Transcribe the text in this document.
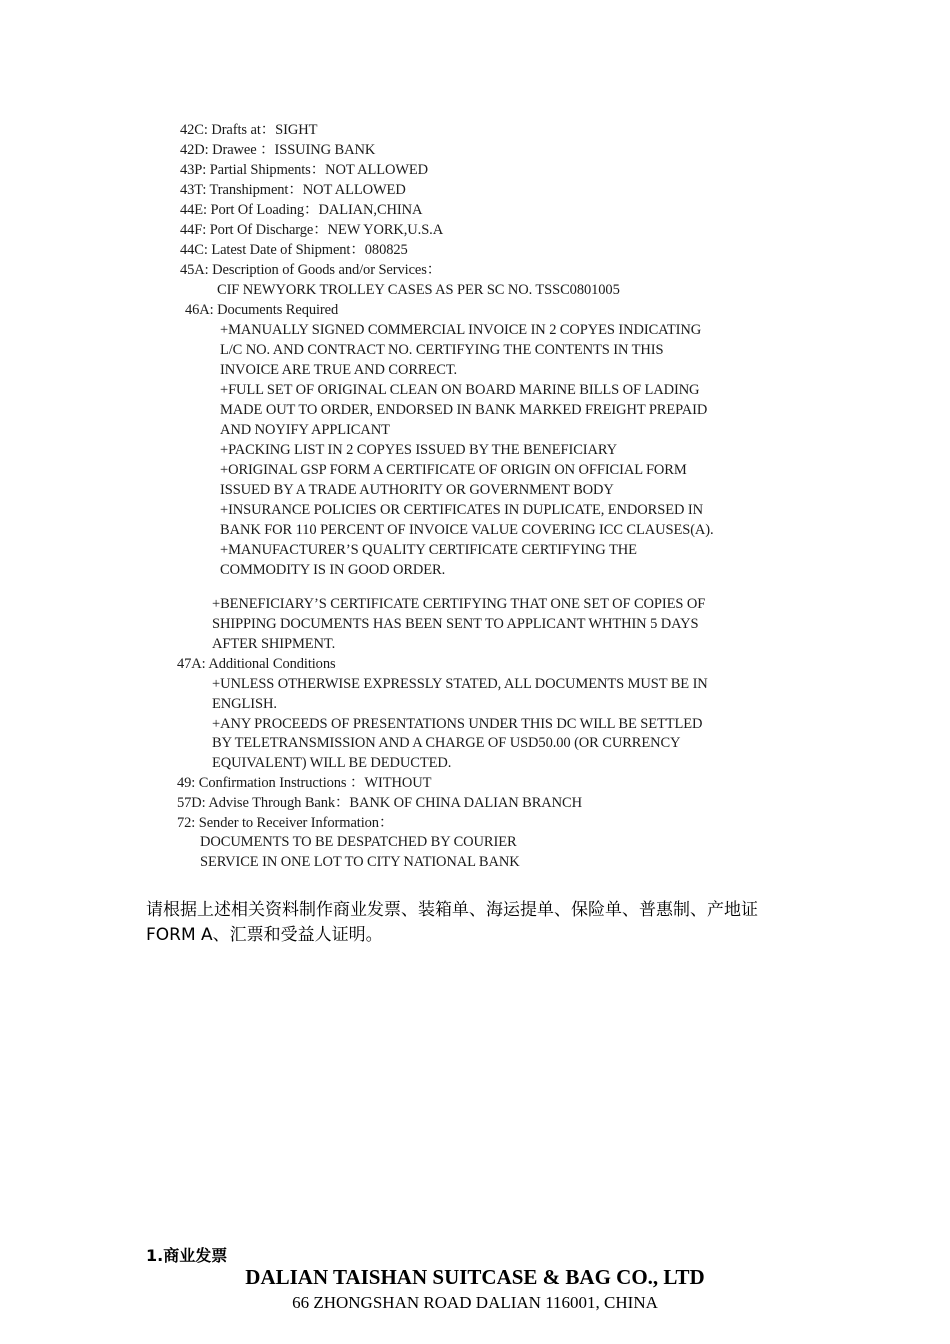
42C: Drafts at：SIGHT
42D: Drawee ：ISSUING BANK
43P: Partial Shipments：NOT ALLOWED
43T: Transhipment：NOT ALLOWED
44E: Port Of Loading：DALIAN,CHINA
44F: Port Of Discharge：NEW YORK,U.S.A
44C: Latest Date of Shipment：080825
45A: Description of Goods and/or Services：
CIF NEWYORK TROLLEY CASES AS PER SC NO. TSSC0801005
46A: Documents Required
+MANUALLY SIGNED COMMERCIAL INVOICE IN 2 COPYES INDICATING
L/C NO. AND CONTRACT NO. CERTIFYING THE CONTENTS IN THIS
INVOICE ARE TRUE AND CORRECT.
+FULL SET OF ORIGINAL CLEAN ON BOARD MARINE BILLS OF LADING
MADE OUT TO ORDER, ENDORSED IN BANK MARKED FREIGHT PREPAID
AND NOYIFY APPLICANT
+PACKING LIST IN 2 COPYES ISSUED BY THE BENEFICIARY
+ORIGINAL GSP FORM A CERTIFICATE OF ORIGIN ON OFFICIAL FORM
ISSUED BY A TRADE AUTHORITY OR GOVERNMENT BODY
+INSURANCE POLICIES OR CERTIFICATES IN DUPLICATE, ENDORSED IN
BANK FOR 110 PERCENT OF INVOICE VALUE COVERING ICC CLAUSES(A).
+MANUFACTURER’S QUALITY CERTIFICATE CERTIFYING THE
COMMODITY IS IN GOOD ORDER.
+BENEFICIARY’S CERTIFICATE CERTIFYING THAT ONE SET OF COPIES OF
SHIPPING DOCUMENTS HAS BEEN SENT TO APPLICANT WHTHIN 5 DAYS
AFTER SHIPMENT.
47A: Additional Conditions
+UNLESS OTHERWISE EXPRESSLY STATED, ALL DOCUMENTS MUST BE IN
ENGLISH.
+ANY PROCEEDS OF PRESENTATIONS UNDER THIS DC WILL BE SETTLED
BY TELETRANSMISSION AND A CHARGE OF USD50.00 (OR CURRENCY
EQUIVALENT) WILL BE DEDUCTED.
49: Confirmation Instructions ：WITHOUT
57D: Advise Through Bank：BANK OF CHINA DALIAN BRANCH
72: Sender to Receiver Information：
DOCUMENTS TO BE DESPATCHED BY COURIER
SERVICE IN ONE LOT TO CITY NATIONAL BANK
请根据上述相关资料制作商业发票、装箱单、海运提单、保险单、普惠制、产地证
FORM A、汇票和受益人证明。
1.商业发票
DALIAN TAISHAN SUITCASE & BAG CO., LTD
66 ZHONGSHAN ROAD DALIAN 116001, CHINA
